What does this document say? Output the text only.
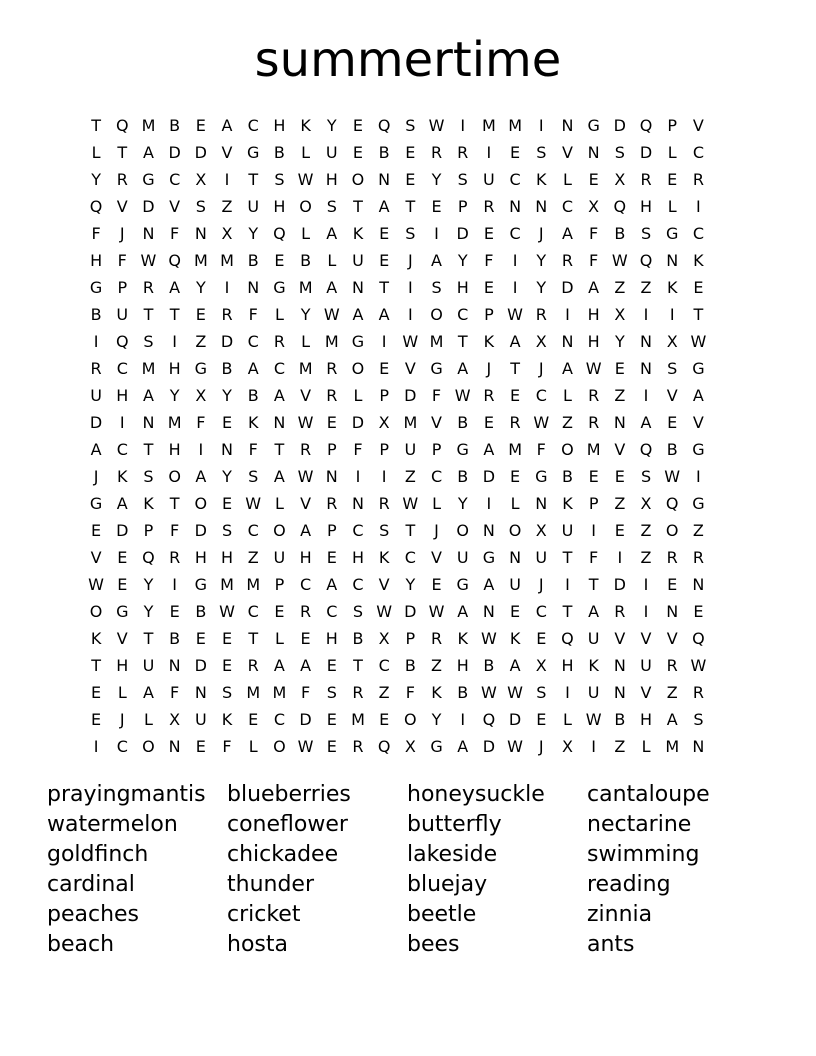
summertime
T Q M B E A C H K	Y	E Q S W I	M M	I	N G D Q P V
L	T A D D V G B	L U E B E R R	I	E	S V N S D L	C
Y R G C X	I	T	S W H O N E	Y	S U C K	L	E X R E R
Q V D V S Z U H O S	T A T	E	P R N N C X Q H L	I
F	J	N F N X Y Q L	A K E	S	I	D E C	J	A	F	B S G C
H F W Q M M B E B	L U E	J	A Y	F	I	Y R	F W Q N K
G P R A Y	I	N G M A N T	I	S H E	I	Y D A Z Z K E
B U T	T	E R	F	L	Y W A A	I	O C P W R	I	H X	I	I	T
I	Q S	I	Z D C R	L M G	I W M T	K A X N H Y N X W
R C M H G B A C M R O E V G A	J	T	J	A W E N S G
U H A Y X Y B A V R	L	P D F W R E C	L	R Z	I	V A
D	I	N M F	E K N W E D X M V B E R W Z R N A E V
A C T H	I	N F	T R P	F	P U P G A M F O M V Q B G
J	K S O A Y	S A W N	I	I	Z C B D E G B E	E	S W I
G A K	T O E W L	V R N R W L	Y	I	L N K	P Z X Q G
E D P	F D S C O A P C S	T	J	O N O X U	I	E Z O Z
V E Q R H H Z U H E H K C V U G N U T	F	I	Z R R
W E	Y	I	G M M P C A C V Y	E G A U	J	I	T D	I	E N
O G Y	E B W C E R C S W D W A N E C T A R	I	N E
K V T B E	E	T	L	E H B X P R K W K E Q U V V V Q
T H U N D E R A A E	T C B Z H B A X H K N U R W
E	L	A	F N S M M F	S R Z	F	K B W W S	I	U N V Z R
E	J	L	X U K E C D E M E O Y	I	Q D E	L W B H A S
I	C O N E	F	L O W E R Q X G A D W J	X	I	Z	L M N
prayingmantis
watermelon
goldfinch
cardinal
peaches
beach
blueberries
coneflower
chickadee
thunder
cricket
hosta
honeysuckle
butterfly
lakeside
bluejay
beetle
bees
cantaloupe
nectarine
swimming
reading
zinnia
ants
